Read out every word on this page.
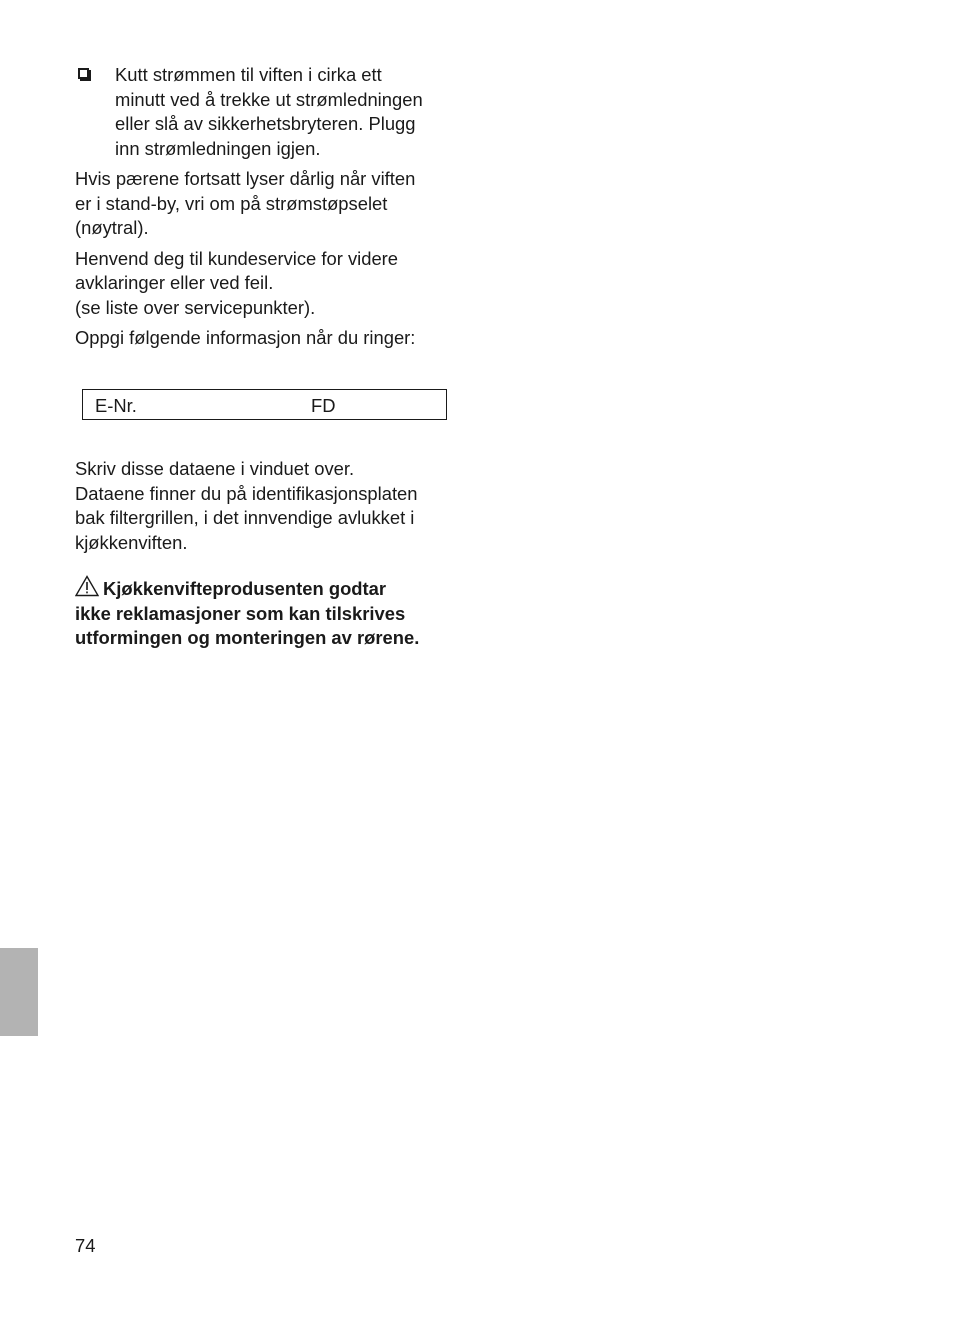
Kutt strømmen til viften i cirka ett
minutt ved å trekke ut strømledningen
eller slå av sikkerhetsbryteren. Plugg
inn strømledningen igjen.

Hvis pærene fortsatt lyser dårlig når viften
er i stand-by, vri om på strømstøpselet
(nøytral).

Henvend deg til kundeservice for videre
avklaringer eller ved feil.
(se liste over servicepunkter).

Oppgi følgende informasjon når du ringer:

E-Nr.	FD

Skriv disse dataene i vinduet over.
Dataene finner du på identifikasjonsplaten
bak filtergrillen, i det innvendige avlukket i
kjøkkenviften.

Kjøkkenvifteprodusenten godtar
ikke reklamasjoner som kan tilskrives
utformingen og monteringen av rørene.
74
